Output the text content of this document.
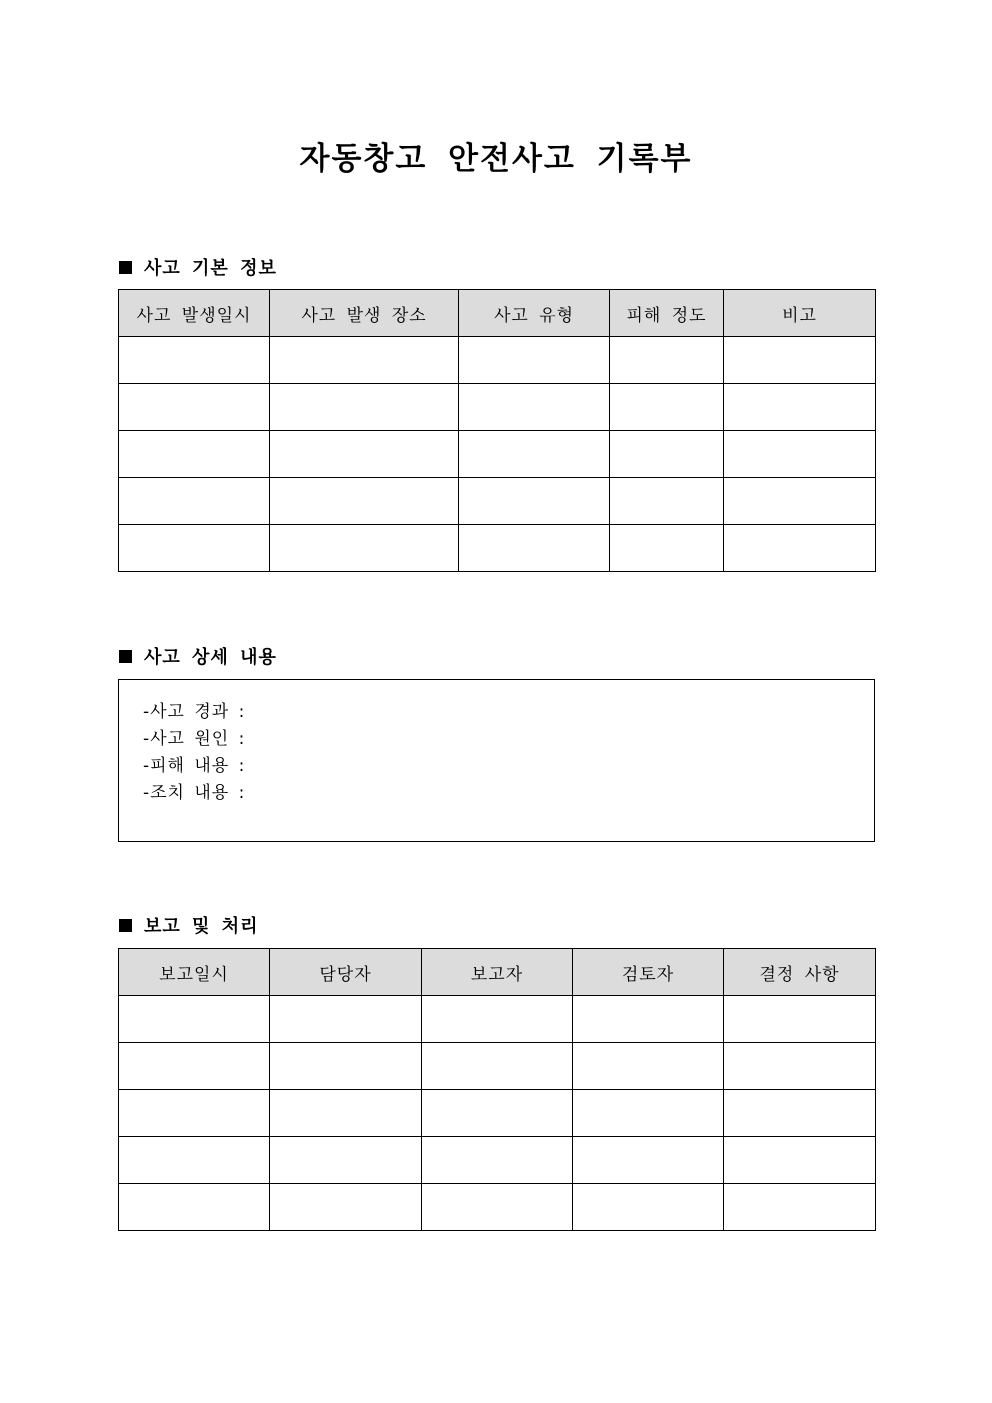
자동창고 안전사고 기록부
사고 기본 정보
사고 발생일시	사고 발생 장소	사고 유형	피해 정도	비고

사고 상세 내용
-사고 경과 :
-사고 원인 :
-피해 내용 :
-조치 내용 :
보고 및 처리
보고일시	담당자	보고자	검토자	결정 사항
